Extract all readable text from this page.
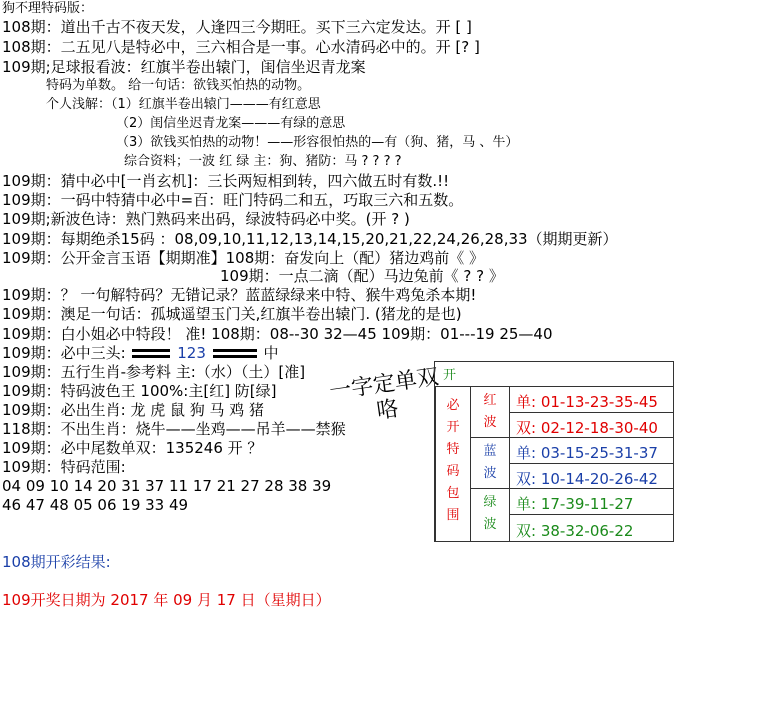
狗不理特码版：
108期：道出千古不夜天发，人逢四三今期旺。买下三六定发达。开 [ ]
108期：二五见八是特必中，三六相合是一事。心水清码必中的。开 [? ]
109期;足球报看波：红旗半卷出辕门，闺信坐迟青龙案
特码为单数。 给一句话：欲钱买怕热的动物。
个人浅解：（1）红旗半卷出辕门———有红意思
（2）闺信坐迟青龙案———有绿的意思
（3）欲钱买怕热的动物！——形容很怕热的—有（狗、猪，马 、牛）
综合资料；一波 红 绿 主：狗、猪防：马 ? ? ? ?
109期：猜中必中[一肖玄机]：三长两短相到转，四六做五时有数.!!
109期：一码中特猜中必中=百：旺门特码二和五，巧取三六和五数。
109期;新波色诗：熟门熟码来出码，绿波特码必中奖。(开 ? )
109期：每期绝杀15码 ：08,09,10,11,12,13,14,15,20,21,22,24,26,28,33（期期更新）
109期：公开金言玉语【期期准】108期：奋发向上（配）猪边鸡前《 》
109期：一点二滴（配）马边兔前《 ? ? 》
109期：？ 一句解特码？无错记录？蓝蓝绿绿来中特、猴牛鸡兔杀本期!
109期：澳足一句话：孤城遥望玉门关,红旗半卷出辕门. (猪龙的是也)
109期：白小姐必中特段！ 准! 108期：08--30 32—45 109期：01---19 25—40
109期：必中三头:	123	中
109期：五行生肖-参考料 主:（水）（土）[准]
109期：特码波色王 100%:主[红] 防[绿]
109期：必出生肖: 龙 虎 鼠 狗 马 鸡 猪
118期：不出生肖：烧牛——坐鸡——吊羊——禁猴
109期：必中尾数单双：135246 开 ？
109期：特码范围:
04 09 10 14 20 31 37 11 17 21 27 28 38 39
46 47 48 05 06 19 33 49
108期开彩结果:
109开奖日期为 2017 年 09 月 17 日（星期日）
一字定单双咯
开
必
开
特
码
包
围
红
波
蓝
波
绿
波
单: 01-13-23-35-45
双: 02-12-18-30-40
单: 03-15-25-31-37
双: 10-14-20-26-42
单: 17-39-11-27
双: 38-32-06-22
